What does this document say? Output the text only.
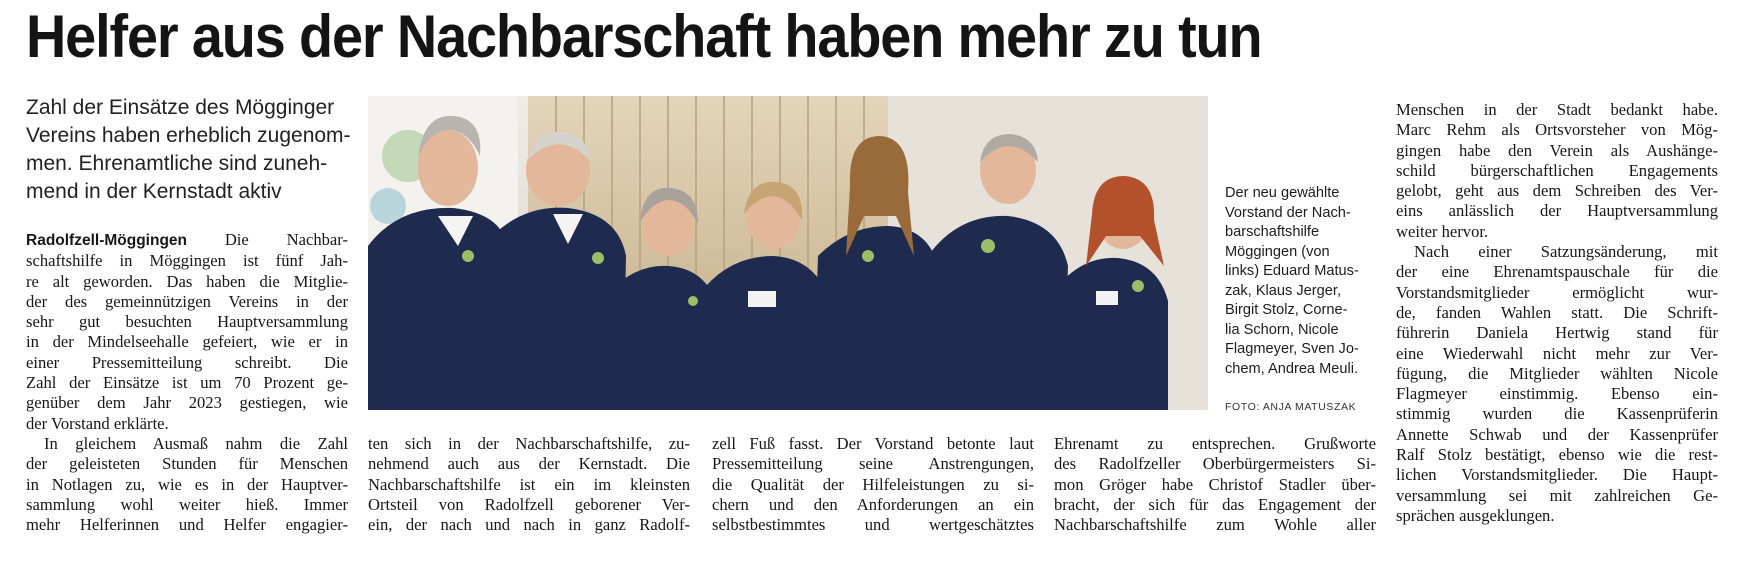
Helfer aus der Nachbarschaft haben mehr zu tun

Zahl der Einsätze des Mögginger

Vereins haben erheblich zugenom-

men. Ehrenamtliche sind zuneh-

mend in der Kernstadt aktiv

Radolfzell-Möggingen Die Nachbar-
schaftshilfe in Möggingen ist fünf Jah-
re alt geworden. Das haben die Mitglie-
der des gemeinnützigen Vereins in der
sehr gut besuchten Hauptversammlung
in der Mindelseehalle gefeiert, wie er in
einer Pressemitteilung schreibt. Die
Zahl der Einsätze ist um 70 Prozent ge-
genüber dem Jahr 2023 gestiegen, wie
der Vorstand erklärte.
In gleichem Ausmaß nahm die Zahl
der geleisteten Stunden für Menschen
in Notlagen zu, wie es in der Hauptver-
sammlung wohl weiter hieß. Immer
mehr Helferinnen und Helfer engagier-
Der neu gewählte
Vorstand der Nach-
barschaftshilfe
Möggingen (von
links) Eduard Matus-
zak, Klaus Jerger,
Birgit Stolz, Corne-
lia Schorn, Nicole
Flagmeyer, Sven Jo-
chem, Andrea Meuli.
FOTO: ANJA MATUSZAK
ten sich in der Nachbarschaftshilfe, zu-
nehmend auch aus der Kernstadt. Die
Nachbarschaftshilfe ist ein im kleinsten
Ortsteil von Radolfzell geborener Ver-
ein, der nach und nach in ganz Radolf-
zell Fuß fasst. Der Vorstand betonte laut
Pressemitteilung seine Anstrengungen,
die Qualität der Hilfeleistungen zu si-
chern und den Anforderungen an ein
selbstbestimmtes und wertgeschätztes
Ehrenamt zu entsprechen. Grußworte
des Radolfzeller Oberbürgermeisters Si-
mon Gröger habe Christof Stadler über-
bracht, der sich für das Engagement der
Nachbarschaftshilfe zum Wohle aller
Menschen in der Stadt bedankt habe.
Marc Rehm als Ortsvorsteher von Mög-
gingen habe den Verein als Aushänge-
schild bürgerschaftlichen Engagements
gelobt, geht aus dem Schreiben des Ver-
eins anlässlich der Hauptversammlung
weiter hervor.
Nach einer Satzungsänderung, mit
der eine Ehrenamtspauschale für die
Vorstandsmitglieder ermöglicht wur-
de, fanden Wahlen statt. Die Schrift-
führerin Daniela Hertwig stand für
eine Wiederwahl nicht mehr zur Ver-
fügung, die Mitglieder wählten Nicole
Flagmeyer einstimmig. Ebenso ein-
stimmig wurden die Kassenprüferin
Annette Schwab und der Kassenprüfer
Ralf Stolz bestätigt, ebenso wie die rest-
lichen Vorstandsmitglieder. Die Haupt-
versammlung sei mit zahlreichen Ge-
sprächen ausgeklungen.
